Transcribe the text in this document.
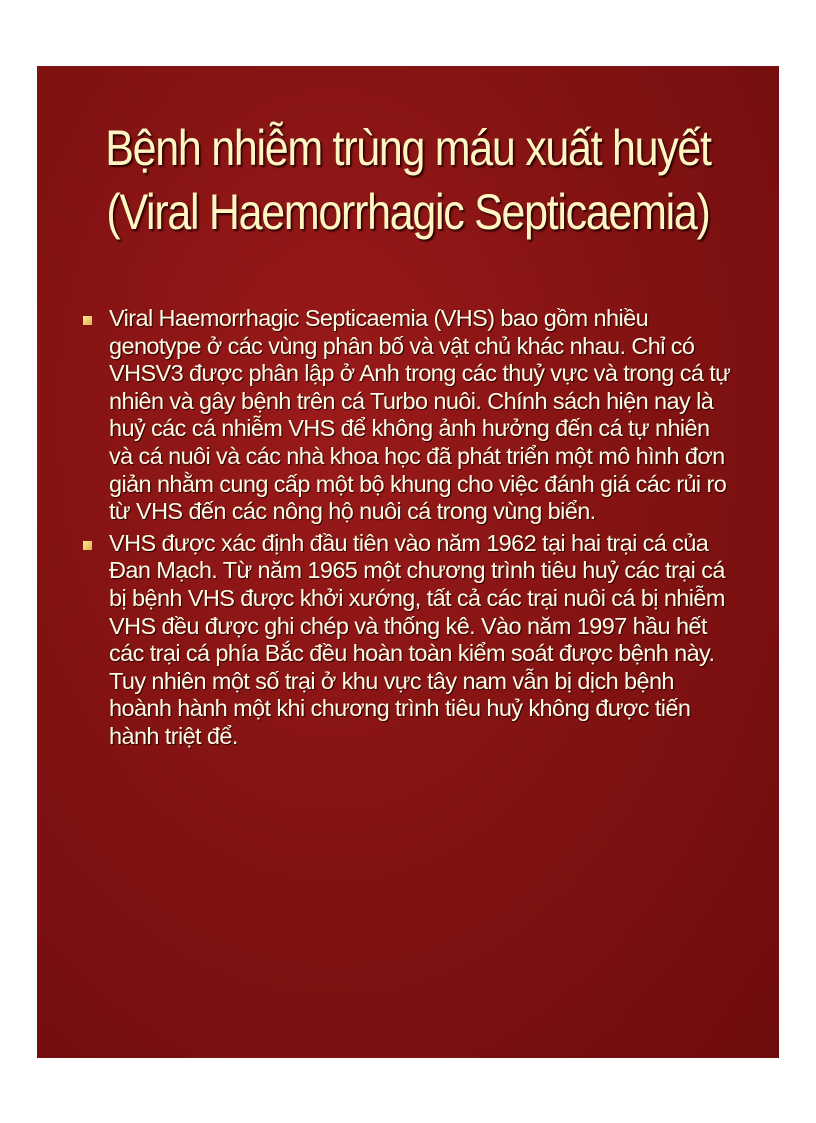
Bệnh nhiễm trùng máu xuất huyết
(Viral Haemorrhagic Septicaemia)
Viral Haemorrhagic Septicaemia (VHS) bao gồm nhiều genotype ở các vùng phân bố và vật chủ khác nhau. Chỉ có VHSV3 được phân lập ở Anh trong các thuỷ vực và trong cá tự nhiên và gây bệnh trên cá Turbo nuôi. Chính sách hiện nay là huỷ các cá nhiễm VHS để không ảnh hưởng đến cá tự nhiên và cá nuôi và các nhà khoa học đã phát triển một mô hình đơn giản nhằm cung cấp một bộ khung cho việc đánh giá các rủi ro từ VHS đến các nông hộ nuôi cá trong vùng biển.
VHS được xác định đầu tiên vào năm 1962 tại hai trại cá của Đan Mạch. Từ năm 1965 một chương trình tiêu huỷ các trại cá bị bệnh VHS được khởi xướng, tất cả các trại nuôi cá bị nhiễm VHS đều được ghi chép và thống kê. Vào năm 1997 hầu hết các trại cá phía Bắc đều hoàn toàn kiểm soát được bệnh này. Tuy nhiên một số trại ở khu vực tây nam vẫn bị dịch bệnh hoành hành một khi chương trình tiêu huỷ không được tiến hành triệt để.
